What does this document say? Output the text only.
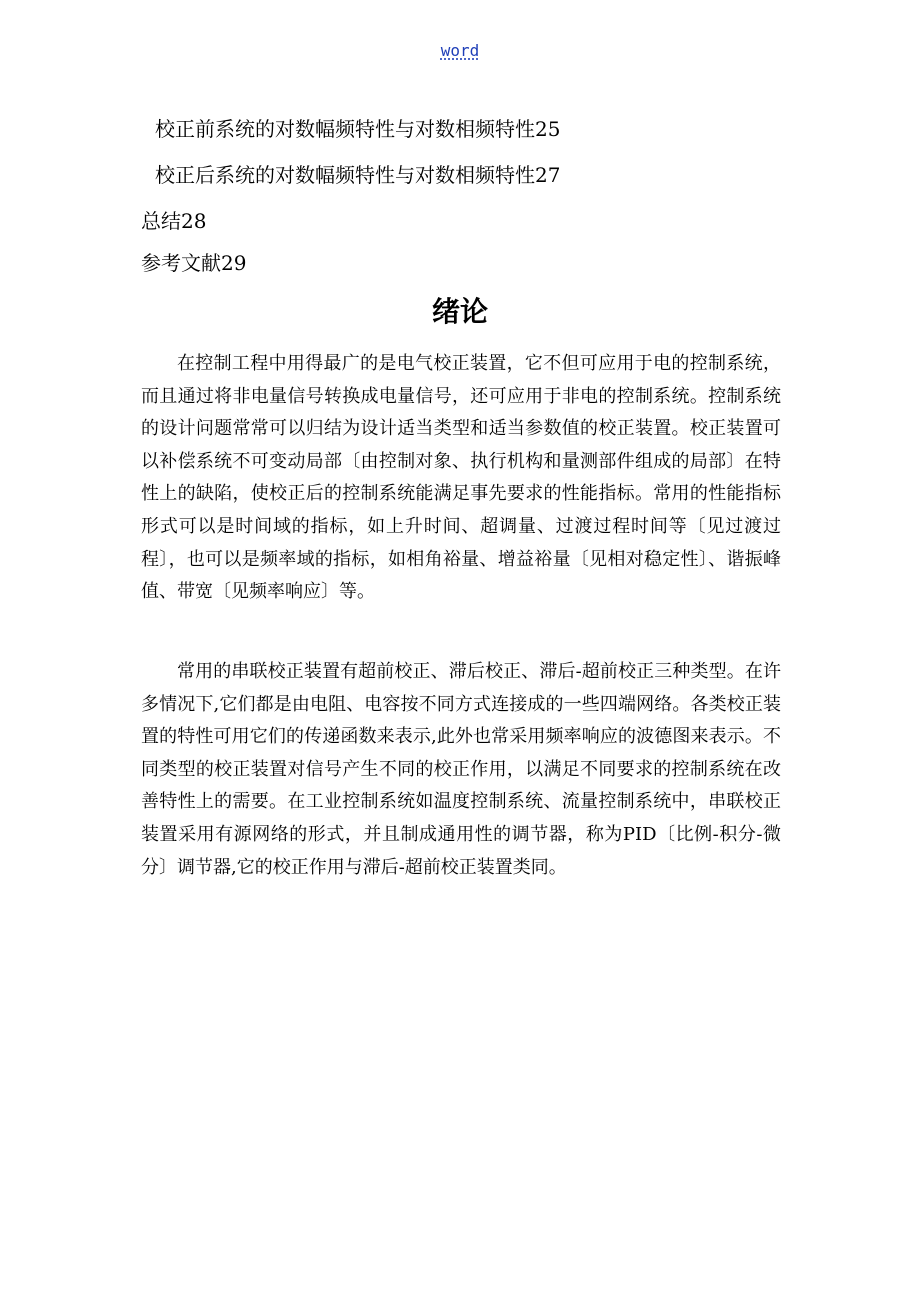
word
校正前系统的对数幅频特性与对数相频特性25
校正后系统的对数幅频特性与对数相频特性27
总结28
参考文献29
绪论

在控制工程中用得最广的是电气校正装置，它不但可应用于电的控制系统，而且通过将非电量信号转换成电量信号，还可应用于非电的控制系统。控制系统的设计问题常常可以归结为设计适当类型和适当参数值的校正装置。校正装置可以补偿系统不可变动局部〔由控制对象、执行机构和量测部件组成的局部〕在特性上的缺陷，使校正后的控制系统能满足事先要求的性能指标。常用的性能指标形式可以是时间域的指标，如上升时间、超调量、过渡过程时间等〔见过渡过程〕，也可以是频率域的指标，如相角裕量、增益裕量〔见相对稳定性〕、谐振峰值、带宽〔见频率响应〕等。

常用的串联校正装置有超前校正、滞后校正、滞后-超前校正三种类型。在许多情况下,它们都是由电阻、电容按不同方式连接成的一些四端网络。各类校正装置的特性可用它们的传递函数来表示,此外也常采用频率响应的波德图来表示。不同类型的校正装置对信号产生不同的校正作用，以满足不同要求的控制系统在改善特性上的需要。在工业控制系统如温度控制系统、流量控制系统中，串联校正装置采用有源网络的形式，并且制成通用性的调节器，称为PID〔比例-积分-微分〕调节器,它的校正作用与滞后-超前校正装置类同。
